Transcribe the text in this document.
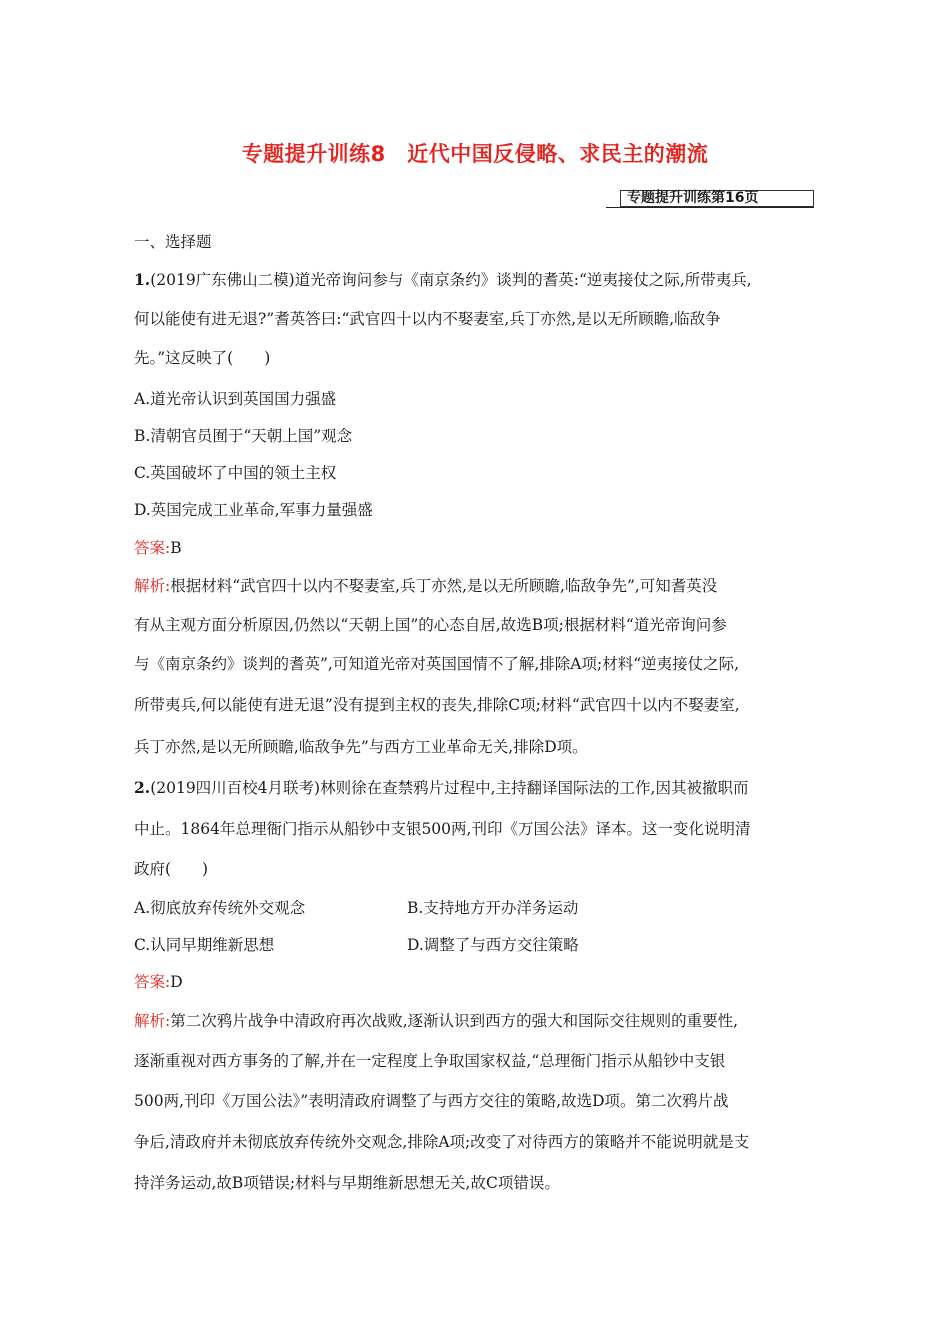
专题提升训练8　近代中国反侵略、求民主的潮流
专题提升训练第16页
一、选择题
1.(2019广东佛山二模)道光帝询问参与《南京条约》谈判的耆英:“逆夷接仗之际,所带夷兵,
何以能使有进无退?”耆英答曰:“武官四十以内不娶妻室,兵丁亦然,是以无所顾瞻,临敌争
先。”这反映了(　　)
A.道光帝认识到英国国力强盛
B.清朝官员囿于“天朝上国”观念
C.英国破坏了中国的领土主权
D.英国完成工业革命,军事力量强盛
答案:B
解析:根据材料“武官四十以内不娶妻室,兵丁亦然,是以无所顾瞻,临敌争先”,可知耆英没
有从主观方面分析原因,仍然以“天朝上国”的心态自居,故选B项;根据材料“道光帝询问参
与《南京条约》谈判的耆英”,可知道光帝对英国国情不了解,排除A项;材料“逆夷接仗之际,
所带夷兵,何以能使有进无退”没有提到主权的丧失,排除C项;材料“武官四十以内不娶妻室,
兵丁亦然,是以无所顾瞻,临敌争先”与西方工业革命无关,排除D项。
2.(2019四川百校4月联考)林则徐在查禁鸦片过程中,主持翻译国际法的工作,因其被撤职而
中止。1864年总理衙门指示从船钞中支银500两,刊印《万国公法》译本。这一变化说明清
政府(　　)
A.彻底放弃传统外交观念	B.支持地方开办洋务运动
C.认同早期维新思想	D.调整了与西方交往策略
答案:D
解析:第二次鸦片战争中清政府再次战败,逐渐认识到西方的强大和国际交往规则的重要性,
逐渐重视对西方事务的了解,并在一定程度上争取国家权益,“总理衙门指示从船钞中支银
500两,刊印《万国公法》”表明清政府调整了与西方交往的策略,故选D项。第二次鸦片战
争后,清政府并未彻底放弃传统外交观念,排除A项;改变了对待西方的策略并不能说明就是支
持洋务运动,故B项错误;材料与早期维新思想无关,故C项错误。
